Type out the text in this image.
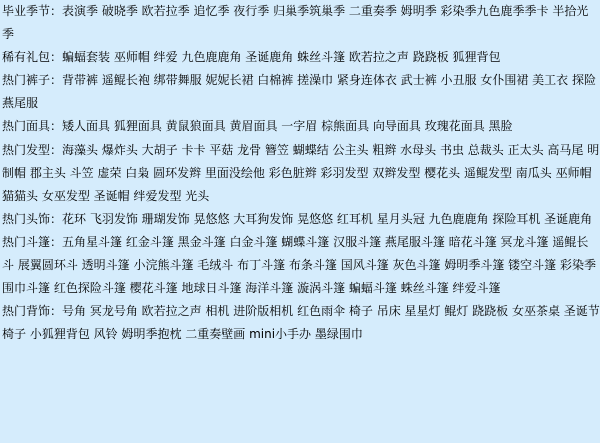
毕业季节：表演季 破晓季 欧若拉季 追忆季 夜行季 归巢季筑巢季 二重奏季 姆明季 彩染季九色鹿季季卡 半拾光季

稀有礼包：蝙蝠套装 巫师帽 绊爱 九色鹿鹿角 圣诞鹿角 蛛丝斗篷 欧若拉之声 跷跷板 狐狸背包

热门裤子：背带裤 遥鲲长袍 绑带舞服 妮妮长裙 白棉裤 搓澡巾 紧身连体衣 武士裤 小丑服 女仆围裙 美工衣 探险燕尾服

热门面具：矮人面具 狐狸面具 黄鼠狼面具 黄眉面具 一字眉 棕熊面具 向导面具 玫瑰花面具 黑脸

热门发型：海藻头 爆炸头 大胡子 卡卡 平菇 龙骨 簪笠 蝴蝶结 公主头 粗辫 水母头 书虫 总裁头 正太头 高马尾 明制帽 郡主头 斗笠 虚荣 白枭 圆环发辫 里面没绘他 彩色脏辫 彩羽发型 双辫发型 樱花头 遥鲲发型 南瓜头 巫师帽 猫猫头 女巫发型 圣诞帽 绊爱发型 光头

热门头饰：花环 飞羽发饰 珊瑚发饰 晃悠悠 大耳狗发饰 晃悠悠 红耳机 星月头冠 九色鹿鹿角 探险耳机 圣诞鹿角

热门斗篷：五角星斗篷 红金斗篷 黑金斗篷 白金斗篷 蝴蝶斗篷 汉服斗篷 燕尾服斗篷 暗花斗篷 冥龙斗篷 遥鲲长斗 展翼圆环斗 透明斗篷 小浣熊斗篷 毛绒斗 布丁斗篷 布条斗篷 国风斗篷 灰色斗篷 姆明季斗篷 镂空斗篷 彩染季围巾斗篷 红色探险斗篷 樱花斗篷 地球日斗篷 海洋斗篷 漩涡斗篷 蝙蝠斗篷 蛛丝斗篷 绊爱斗篷

热门背饰：号角 冥龙号角 欧若拉之声 相机 进阶版相机 红色雨伞 椅子 吊床 星星灯 鲲灯 跷跷板 女巫茶桌 圣诞节椅子 小狐狸背包 风铃 姆明季抱枕 二重奏壁画 mini小手办 墨绿围巾
